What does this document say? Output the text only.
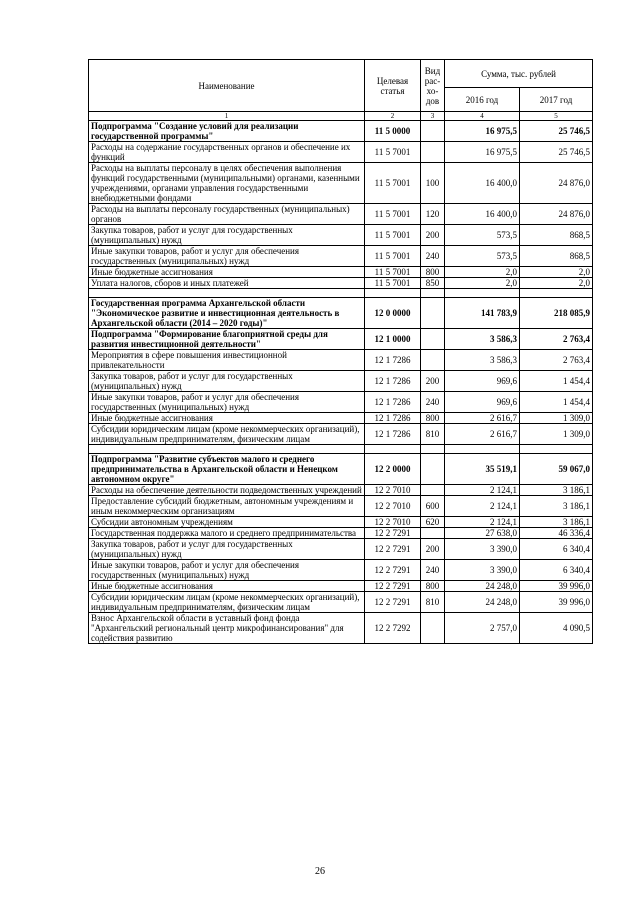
Наименование	Целевая статья	Вид рас-хо-дов	Сумма, тыс. рублей	
			2016 год	2017 год
1	2	3	4	5
Подпрограмма "Создание условий для реализации государственной программы"	11 5 0000		16 975,5	25 746,5
Расходы на содержание государственных органов и обеспечение их функций	11 5 7001		16 975,5	25 746,5
Расходы на выплаты персоналу в целях обеспечения выполнения функций государственными (муниципальными) органами, казенными учреждениями, органами управления государственными внебюджетными фондами	11 5 7001	100	16 400,0	24 876,0
Расходы на выплаты персоналу государственных (муниципальных) органов	11 5 7001	120	16 400,0	24 876,0
Закупка товаров, работ и услуг для государственных (муниципальных) нужд	11 5 7001	200	573,5	868,5
Иные закупки товаров, работ и услуг для обеспечения государственных (муниципальных) нужд	11 5 7001	240	573,5	868,5
Иные бюджетные ассигнования	11 5 7001	800	2,0	2,0
Уплата налогов, сборов и иных платежей	11 5 7001	850	2,0	2,0

Государственная программа Архангельской области "Экономическое развитие и инвестиционная деятельность в Архангельской области (2014 – 2020 годы)"	12 0 0000		141 783,9	218 085,9
Подпрограмма "Формирование благоприятной среды для развития инвестиционной деятельности"	12 1 0000		3 586,3	2 763,4
Мероприятия в сфере повышения инвестиционной привлекательности	12 1 7286		3 586,3	2 763,4
Закупка товаров, работ и услуг для государственных (муниципальных) нужд	12 1 7286	200	969,6	1 454,4
Иные закупки товаров, работ и услуг для обеспечения государственных (муниципальных) нужд	12 1 7286	240	969,6	1 454,4
Иные бюджетные ассигнования	12 1 7286	800	2 616,7	1 309,0
Субсидии юридическим лицам (кроме некоммерческих организаций), индивидуальным предпринимателям, физическим лицам	12 1 7286	810	2 616,7	1 309,0

Подпрограмма "Развитие субъектов малого и среднего предпринимательства в Архангельской области и Ненецком автономном округе"	12 2 0000		35 519,1	59 067,0
Расходы на обеспечение деятельности подведомственных учреждений	12 2 7010		2 124,1	3 186,1
Предоставление субсидий бюджетным, автономным учреждениям и иным некоммерческим организациям	12 2 7010	600	2 124,1	3 186,1
Субсидии автономным учреждениям	12 2 7010	620	2 124,1	3 186,1
Государственная поддержка малого и среднего предпринимательства	12 2 7291		27 638,0	46 336,4
Закупка товаров, работ и услуг для государственных (муниципальных) нужд	12 2 7291	200	3 390,0	6 340,4
Иные закупки товаров, работ и услуг для обеспечения государственных (муниципальных) нужд	12 2 7291	240	3 390,0	6 340,4
Иные бюджетные ассигнования	12 2 7291	800	24 248,0	39 996,0
Субсидии юридическим лицам (кроме некоммерческих организаций), индивидуальным предпринимателям, физическим лицам	12 2 7291	810	24 248,0	39 996,0
Взнос Архангельской области в уставный фонд фонда "Архангельский региональный центр микрофинансирования" для содействия развитию	12 2 7292		2 757,0	4 090,5
26
